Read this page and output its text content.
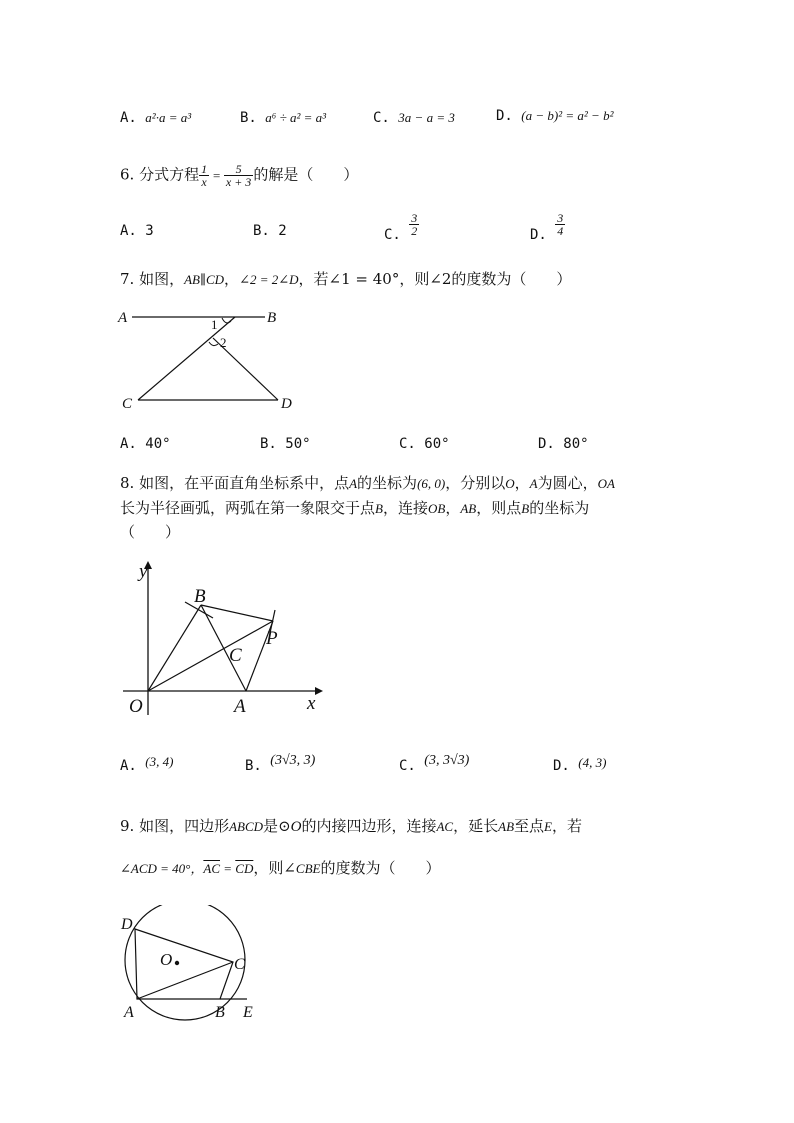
A. a²·a = a³	B. a⁶ ÷ a² = a³	C. 3a − a = 3	D. (a − b)² = a² − b²
6. 分式方程 $\frac{1}{x} = \frac{5}{x + 3}$ 的解是（　　）
A. 3	B. 2	C. $\frac{3}{2}$	D. $\frac{3}{4}$
7. 如图，AB∥CD，∠2 = 2∠D，若∠1 = 40°，则∠2的度数为（　　）
A	B
C	D
1
2
A. 40°	B. 50°	C. 60°	D. 80°
8. 如图，在平面直角坐标系中，点A的坐标为(6, 0)，分别以O，A为圆心，OA
长为半径画弧，两弧在第一象限交于点B，连接OB，AB，则点B的坐标为
（　　）
y
x
O	A
B
C
P
A. (3, 4)	B. (3√3, 3)	C. (3, 3√3)	D. (4, 3)
9. 如图，四边形ABCD是⊙O的内接四边形，连接AC，延长AB至点E，若
∠ACD = 40°，$\overline{AC} = \overline{CD}$，则∠CBE的度数为（　　）
D
O	C
A	B E
